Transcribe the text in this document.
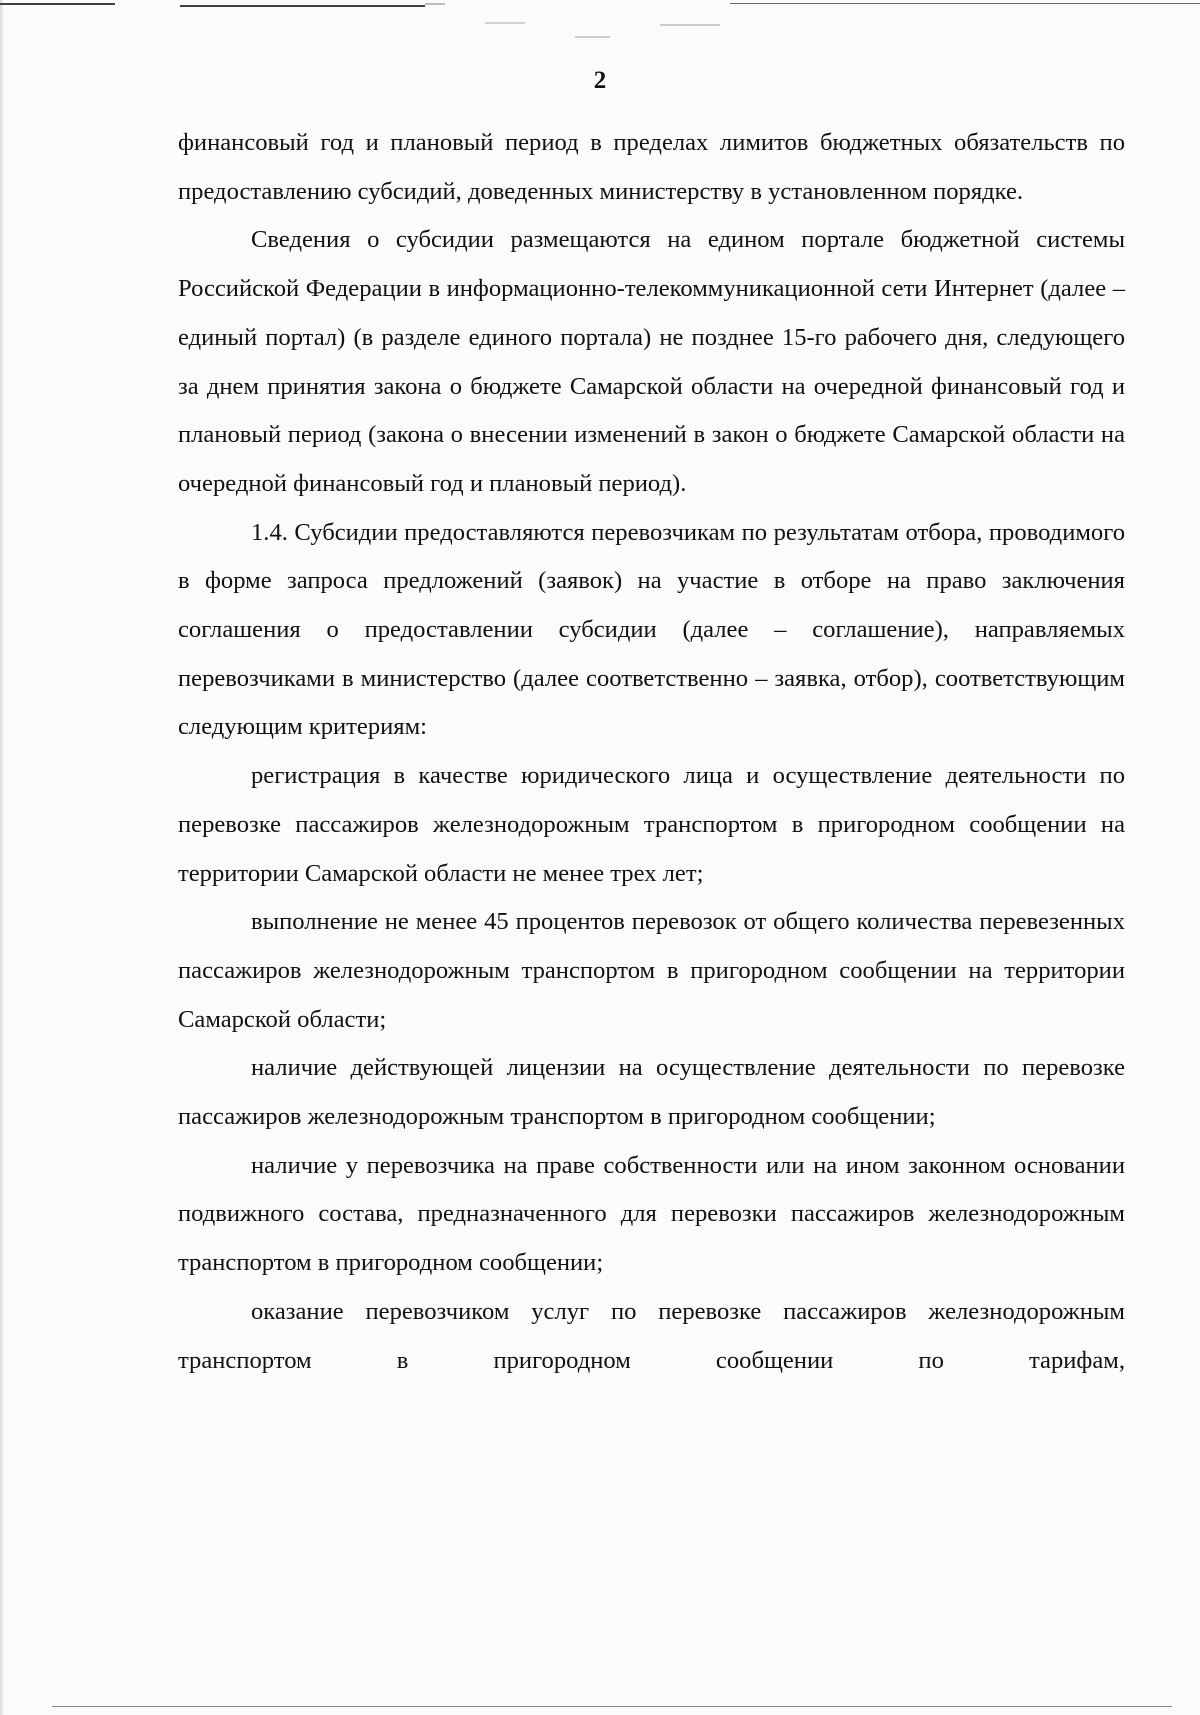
2

финансовый год и плановый период в пределах лимитов бюджетных обязательств по предоставлению субсидий, доведенных министерству в установленном порядке.

Сведения о субсидии размещаются на едином портале бюджетной системы Российской Федерации в информационно-телекоммуникационной сети Интернет (далее – единый портал) (в разделе единого портала) не позднее 15-го рабочего дня, следующего за днем принятия закона о бюджете Самарской области на очередной финансовый год и плановый период (закона о внесении изменений в закон о бюджете Самарской области на очередной финансовый год и плановый период).

1.4. Субсидии предоставляются перевозчикам по результатам отбора, проводимого в форме запроса предложений (заявок) на участие в отборе на право заключения соглашения о предоставлении субсидии (далее – соглашение), направляемых перевозчиками в министерство (далее соответственно – заявка, отбор), соответствующим следующим критериям:

регистрация в качестве юридического лица и осуществление деятельности по перевозке пассажиров железнодорожным транспортом в пригородном сообщении на территории Самарской области не менее трех лет;

выполнение не менее 45 процентов перевозок от общего количества перевезенных пассажиров железнодорожным транспортом в пригородном сообщении на территории Самарской области;

наличие действующей лицензии на осуществление деятельности по перевозке пассажиров железнодорожным транспортом в пригородном сообщении;

наличие у перевозчика на праве собственности или на ином законном основании подвижного состава, предназначенного для перевозки пассажиров железнодорожным транспортом в пригородном сообщении;

оказание перевозчиком услуг по перевозке пассажиров железнодорожным транспортом в пригородном сообщении по тарифам,
